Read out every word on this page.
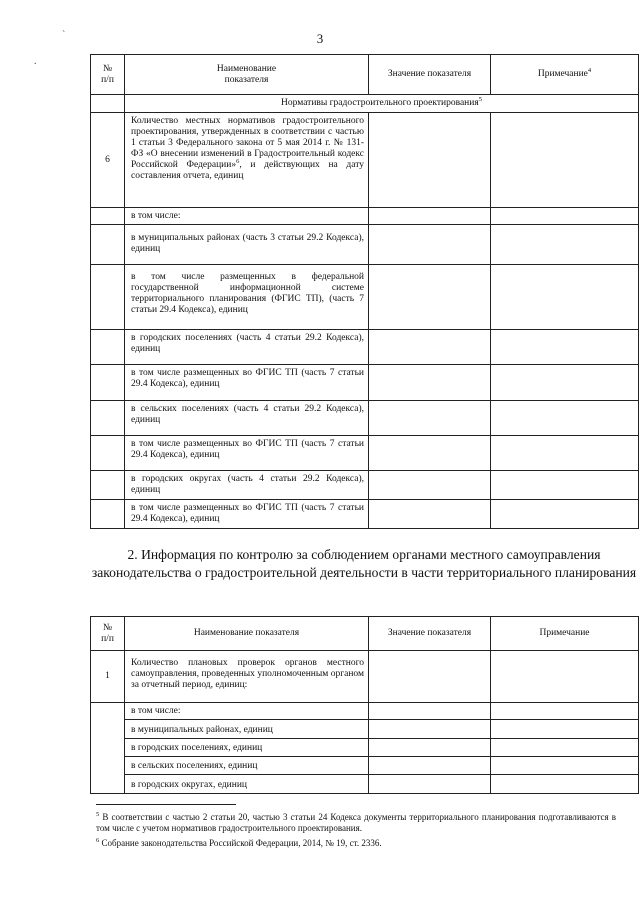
`
.
3
№
п/п	Наименование
показателя	Значение показателя	Примечание$^4$
	Нормативы градостроительного проектирования$^5$
6	Количество местных нормативов градостроительного проектирования, утвержденных в соответствии с частью 1 статьи 3 Федерального закона от 5 мая 2014 г. № 131-ФЗ «О внесении изменений в Градостроительный кодекс Российской Федерации»$^6$, и действующих на дату составления отчета, единиц		
	в том числе:		
	в муниципальных районах (часть 3 статьи 29.2 Кодекса), единиц		
	в том числе размещенных в федеральной государственной информационной системе территориального планирования (ФГИС ТП), (часть 7 статьи 29.4 Кодекса), единиц		
	в городских поселениях (часть 4 статьи 29.2 Кодекса), единиц		
	в том числе размещенных во ФГИС ТП (часть 7 статьи 29.4 Кодекса), единиц		
	в сельских поселениях (часть 4 статьи 29.2 Кодекса), единиц		
	в том числе размещенных во ФГИС ТП (часть 7 статьи 29.4 Кодекса), единиц		
	в городских округах (часть 4 статьи 29.2 Кодекса), единиц		
	в том числе размещенных во ФГИС ТП (часть 7 статьи 29.4 Кодекса), единиц		
2. Информация по контролю за соблюдением органами местного самоуправления законодательства о градостроительной деятельности в части территориального планирования
№
п/п	Наименование показателя	Значение показателя	Примечание
1	Количество плановых проверок органов местного самоуправления, проведенных уполномоченным органом за отчетный период, единиц:		
	в том числе:		
	в муниципальных районах, единиц		
	в городских поселениях, единиц		
	в сельских поселениях, единиц		
	в городских округах, единиц		
$^5$ В соответствии с частью 2 статьи 20, частью 3 статьи 24 Кодекса документы территориального планирования подготавливаются в том числе с учетом нормативов градостроительного проектирования.
$^6$ Собрание законодательства Российской Федерации, 2014, № 19, ст. 2336.
